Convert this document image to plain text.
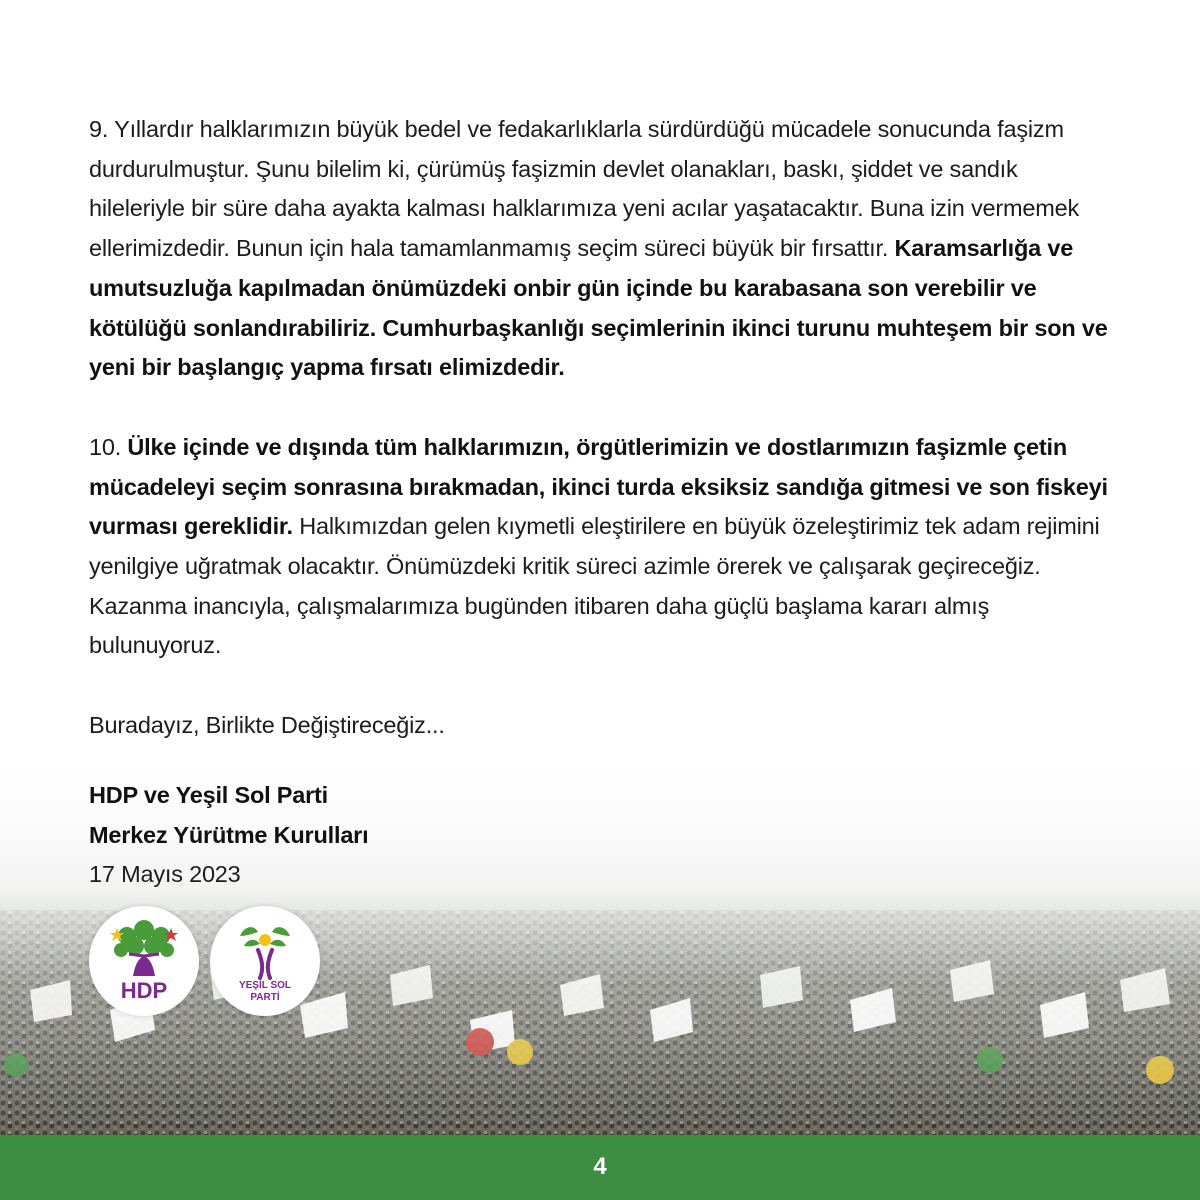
9. Yıllardır halklarımızın büyük bedel ve fedakarlıklarla sürdürdüğü mücadele sonucunda faşizm durdurulmuştur. Şunu bilelim ki, çürümüş faşizmin devlet olanakları, baskı, şiddet ve sandık hileleriyle bir süre daha ayakta kalması halklarımıza yeni acılar yaşatacaktır. Buna izin vermemek ellerimizdedir. Bunun için hala tamamlanmamış seçim süreci büyük bir fırsattır. Karamsarlığa ve umutsuzluğa kapılmadan önümüzdeki onbir gün içinde bu karabasana son verebilir ve kötülüğü sonlandırabiliriz. Cumhurbaşkanlığı seçimlerinin ikinci turunu muhteşem bir son ve yeni bir başlangıç yapma fırsatı elimizdedir.

10. Ülke içinde ve dışında tüm halklarımızın, örgütlerimizin ve dostlarımızın faşizmle çetin mücadeleyi seçim sonrasına bırakmadan, ikinci turda eksiksiz sandığa gitmesi ve son fiskeyi vurması gereklidir. Halkımızdan gelen kıymetli eleştirilere en büyük özeleştirimiz tek adam rejimini yenilgiye uğratmak olacaktır. Önümüzdeki kritik süreci azimle örerek ve çalışarak geçireceğiz. Kazanma inancıyla, çalışmalarımıza bugünden itibaren daha güçlü başlama kararı almış bulunuyoruz.

Buradayız, Birlikte Değiştireceğiz...

HDP ve Yeşil Sol Parti
Merkez Yürütme Kurulları
17 Mayıs 2023
HDP	YEŞİL SOL
PARTİ
4
